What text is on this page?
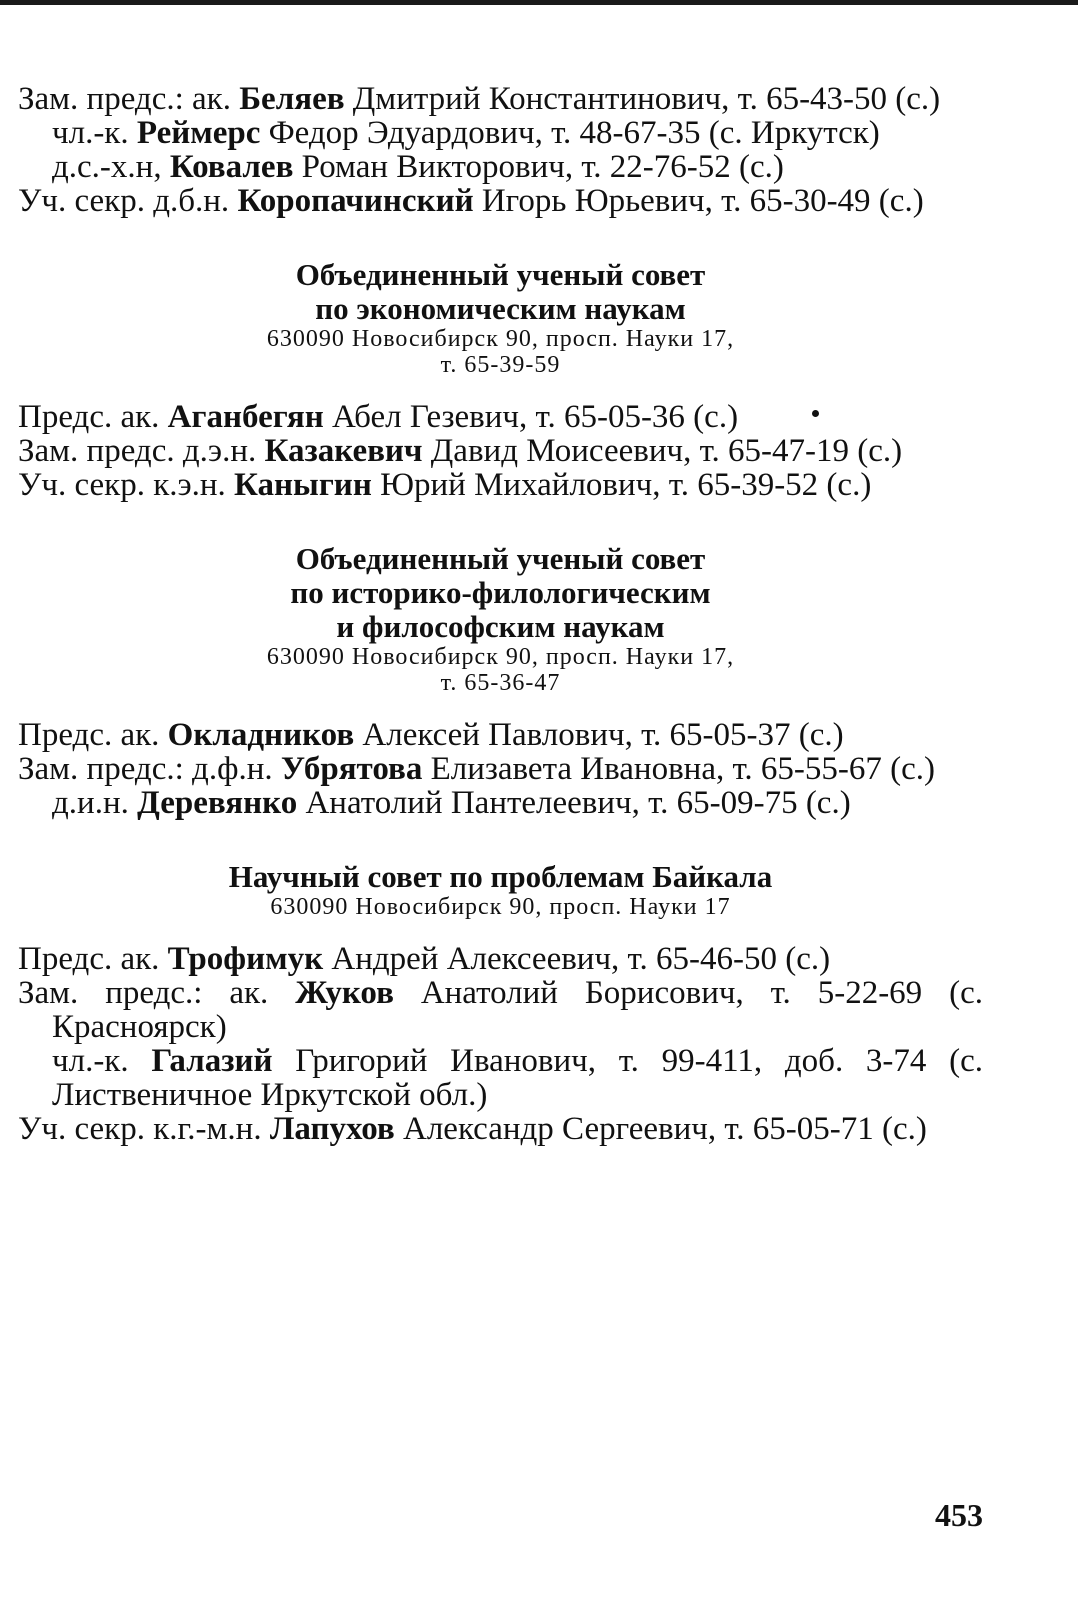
Зам. предс.: ак. Беляев Дмитрий Константинович, т. 65-43-50 (с.)
чл.-к. Реймерс Федор Эдуардович, т. 48-67-35 (с. Иркутск)
д.с.-х.н, Ковалев Роман Викторович, т. 22-76-52 (с.)
Уч. секр. д.б.н. Коропачинский Игорь Юрьевич, т. 65-30-49 (с.)
Объединенный ученый совет
по экономическим наукам
630090 Новосибирск 90, просп. Науки 17,
т. 65-39-59
Предс. ак. Аганбегян Абел Гезевич, т. 65-05-36 (с.)
Зам. предс. д.э.н. Казакевич Давид Моисеевич, т. 65-47-19 (с.)
Уч. секр. к.э.н. Каныгин Юрий Михайлович, т. 65-39-52 (с.)
Объединенный ученый совет
по историко-филологическим
и философским наукам
630090 Новосибирск 90, просп. Науки 17,
т. 65-36-47
Предс. ак. Окладников Алексей Павлович, т. 65-05-37 (с.)
Зам. предс.: д.ф.н. Убрятова Елизавета Ивановна, т. 65-55-67 (с.)
д.и.н. Деревянко Анатолий Пантелеевич, т. 65-09-75 (с.)
Научный совет по проблемам Байкала
630090 Новосибирск 90, просп. Науки 17
Предс. ак. Трофимук Андрей Алексеевич, т. 65-46-50 (с.)
Зам. предс.: ак. Жуков Анатолий Борисович, т. 5-22-69 (с. Красноярск)
чл.-к. Галазий Григорий Иванович, т. 99-411, доб. 3-74 (с. Лиственичное Иркутской обл.)
Уч. секр. к.г.-м.н. Лапухов Александр Сергеевич, т. 65-05-71 (с.)
453
